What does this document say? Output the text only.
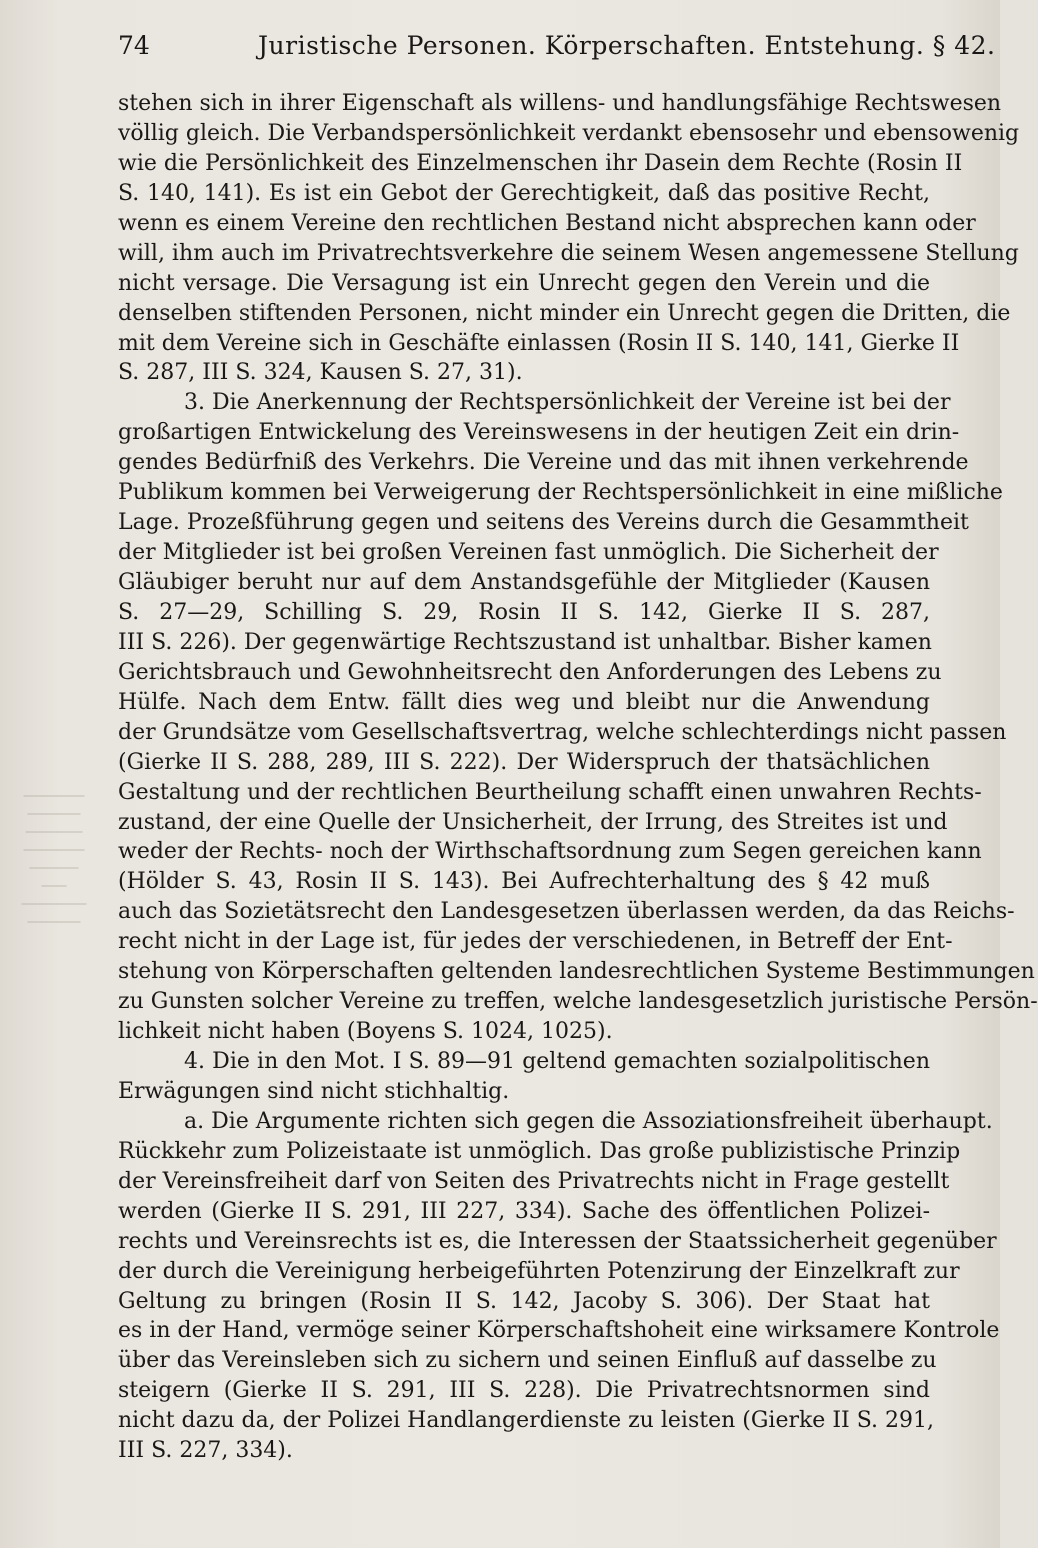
74	Juristische Personen. Körperschaften. Entstehung. § 42.
stehen sich in ihrer Eigenschaft als willens- und handlungsfähige Rechtswesen
völlig gleich. Die Verbandspersönlichkeit verdankt ebensosehr und ebensowenig
wie die Persönlichkeit des Einzelmenschen ihr Dasein dem Rechte (Rosin II
S. 140, 141). Es ist ein Gebot der Gerechtigkeit, daß das positive Recht,
wenn es einem Vereine den rechtlichen Bestand nicht absprechen kann oder
will, ihm auch im Privatrechtsverkehre die seinem Wesen angemessene Stellung
nicht versage. Die Versagung ist ein Unrecht gegen den Verein und die
denselben stiftenden Personen, nicht minder ein Unrecht gegen die Dritten, die
mit dem Vereine sich in Geschäfte einlassen (Rosin II S. 140, 141, Gierke II
S. 287, III S. 324, Kausen S. 27, 31).
3. Die Anerkennung der Rechtspersönlichkeit der Vereine ist bei der
großartigen Entwickelung des Vereinswesens in der heutigen Zeit ein drin-
gendes Bedürfniß des Verkehrs. Die Vereine und das mit ihnen verkehrende
Publikum kommen bei Verweigerung der Rechtspersönlichkeit in eine mißliche
Lage. Prozeßführung gegen und seitens des Vereins durch die Gesammtheit
der Mitglieder ist bei großen Vereinen fast unmöglich. Die Sicherheit der
Gläubiger beruht nur auf dem Anstandsgefühle der Mitglieder (Kausen
S. 27—29, Schilling S. 29, Rosin II S. 142, Gierke II S. 287,
III S. 226). Der gegenwärtige Rechtszustand ist unhaltbar. Bisher kamen
Gerichtsbrauch und Gewohnheitsrecht den Anforderungen des Lebens zu
Hülfe. Nach dem Entw. fällt dies weg und bleibt nur die Anwendung
der Grundsätze vom Gesellschaftsvertrag, welche schlechterdings nicht passen
(Gierke II S. 288, 289, III S. 222). Der Widerspruch der thatsächlichen
Gestaltung und der rechtlichen Beurtheilung schafft einen unwahren Rechts-
zustand, der eine Quelle der Unsicherheit, der Irrung, des Streites ist und
weder der Rechts- noch der Wirthschaftsordnung zum Segen gereichen kann
(Hölder S. 43, Rosin II S. 143). Bei Aufrechterhaltung des § 42 muß
auch das Sozietätsrecht den Landesgesetzen überlassen werden, da das Reichs-
recht nicht in der Lage ist, für jedes der verschiedenen, in Betreff der Ent-
stehung von Körperschaften geltenden landesrechtlichen Systeme Bestimmungen
zu Gunsten solcher Vereine zu treffen, welche landesgesetzlich juristische Persön-
lichkeit nicht haben (Boyens S. 1024, 1025).
4. Die in den Mot. I S. 89—91 geltend gemachten sozialpolitischen
Erwägungen sind nicht stichhaltig.
a. Die Argumente richten sich gegen die Assoziationsfreiheit überhaupt.
Rückkehr zum Polizeistaate ist unmöglich. Das große publizistische Prinzip
der Vereinsfreiheit darf von Seiten des Privatrechts nicht in Frage gestellt
werden (Gierke II S. 291, III 227, 334). Sache des öffentlichen Polizei-
rechts und Vereinsrechts ist es, die Interessen der Staatssicherheit gegenüber
der durch die Vereinigung herbeigeführten Potenzirung der Einzelkraft zur
Geltung zu bringen (Rosin II S. 142, Jacoby S. 306). Der Staat hat
es in der Hand, vermöge seiner Körperschaftshoheit eine wirksamere Kontrole
über das Vereinsleben sich zu sichern und seinen Einfluß auf dasselbe zu
steigern (Gierke II S. 291, III S. 228). Die Privatrechtsnormen sind
nicht dazu da, der Polizei Handlangerdienste zu leisten (Gierke II S. 291,
III S. 227, 334).
